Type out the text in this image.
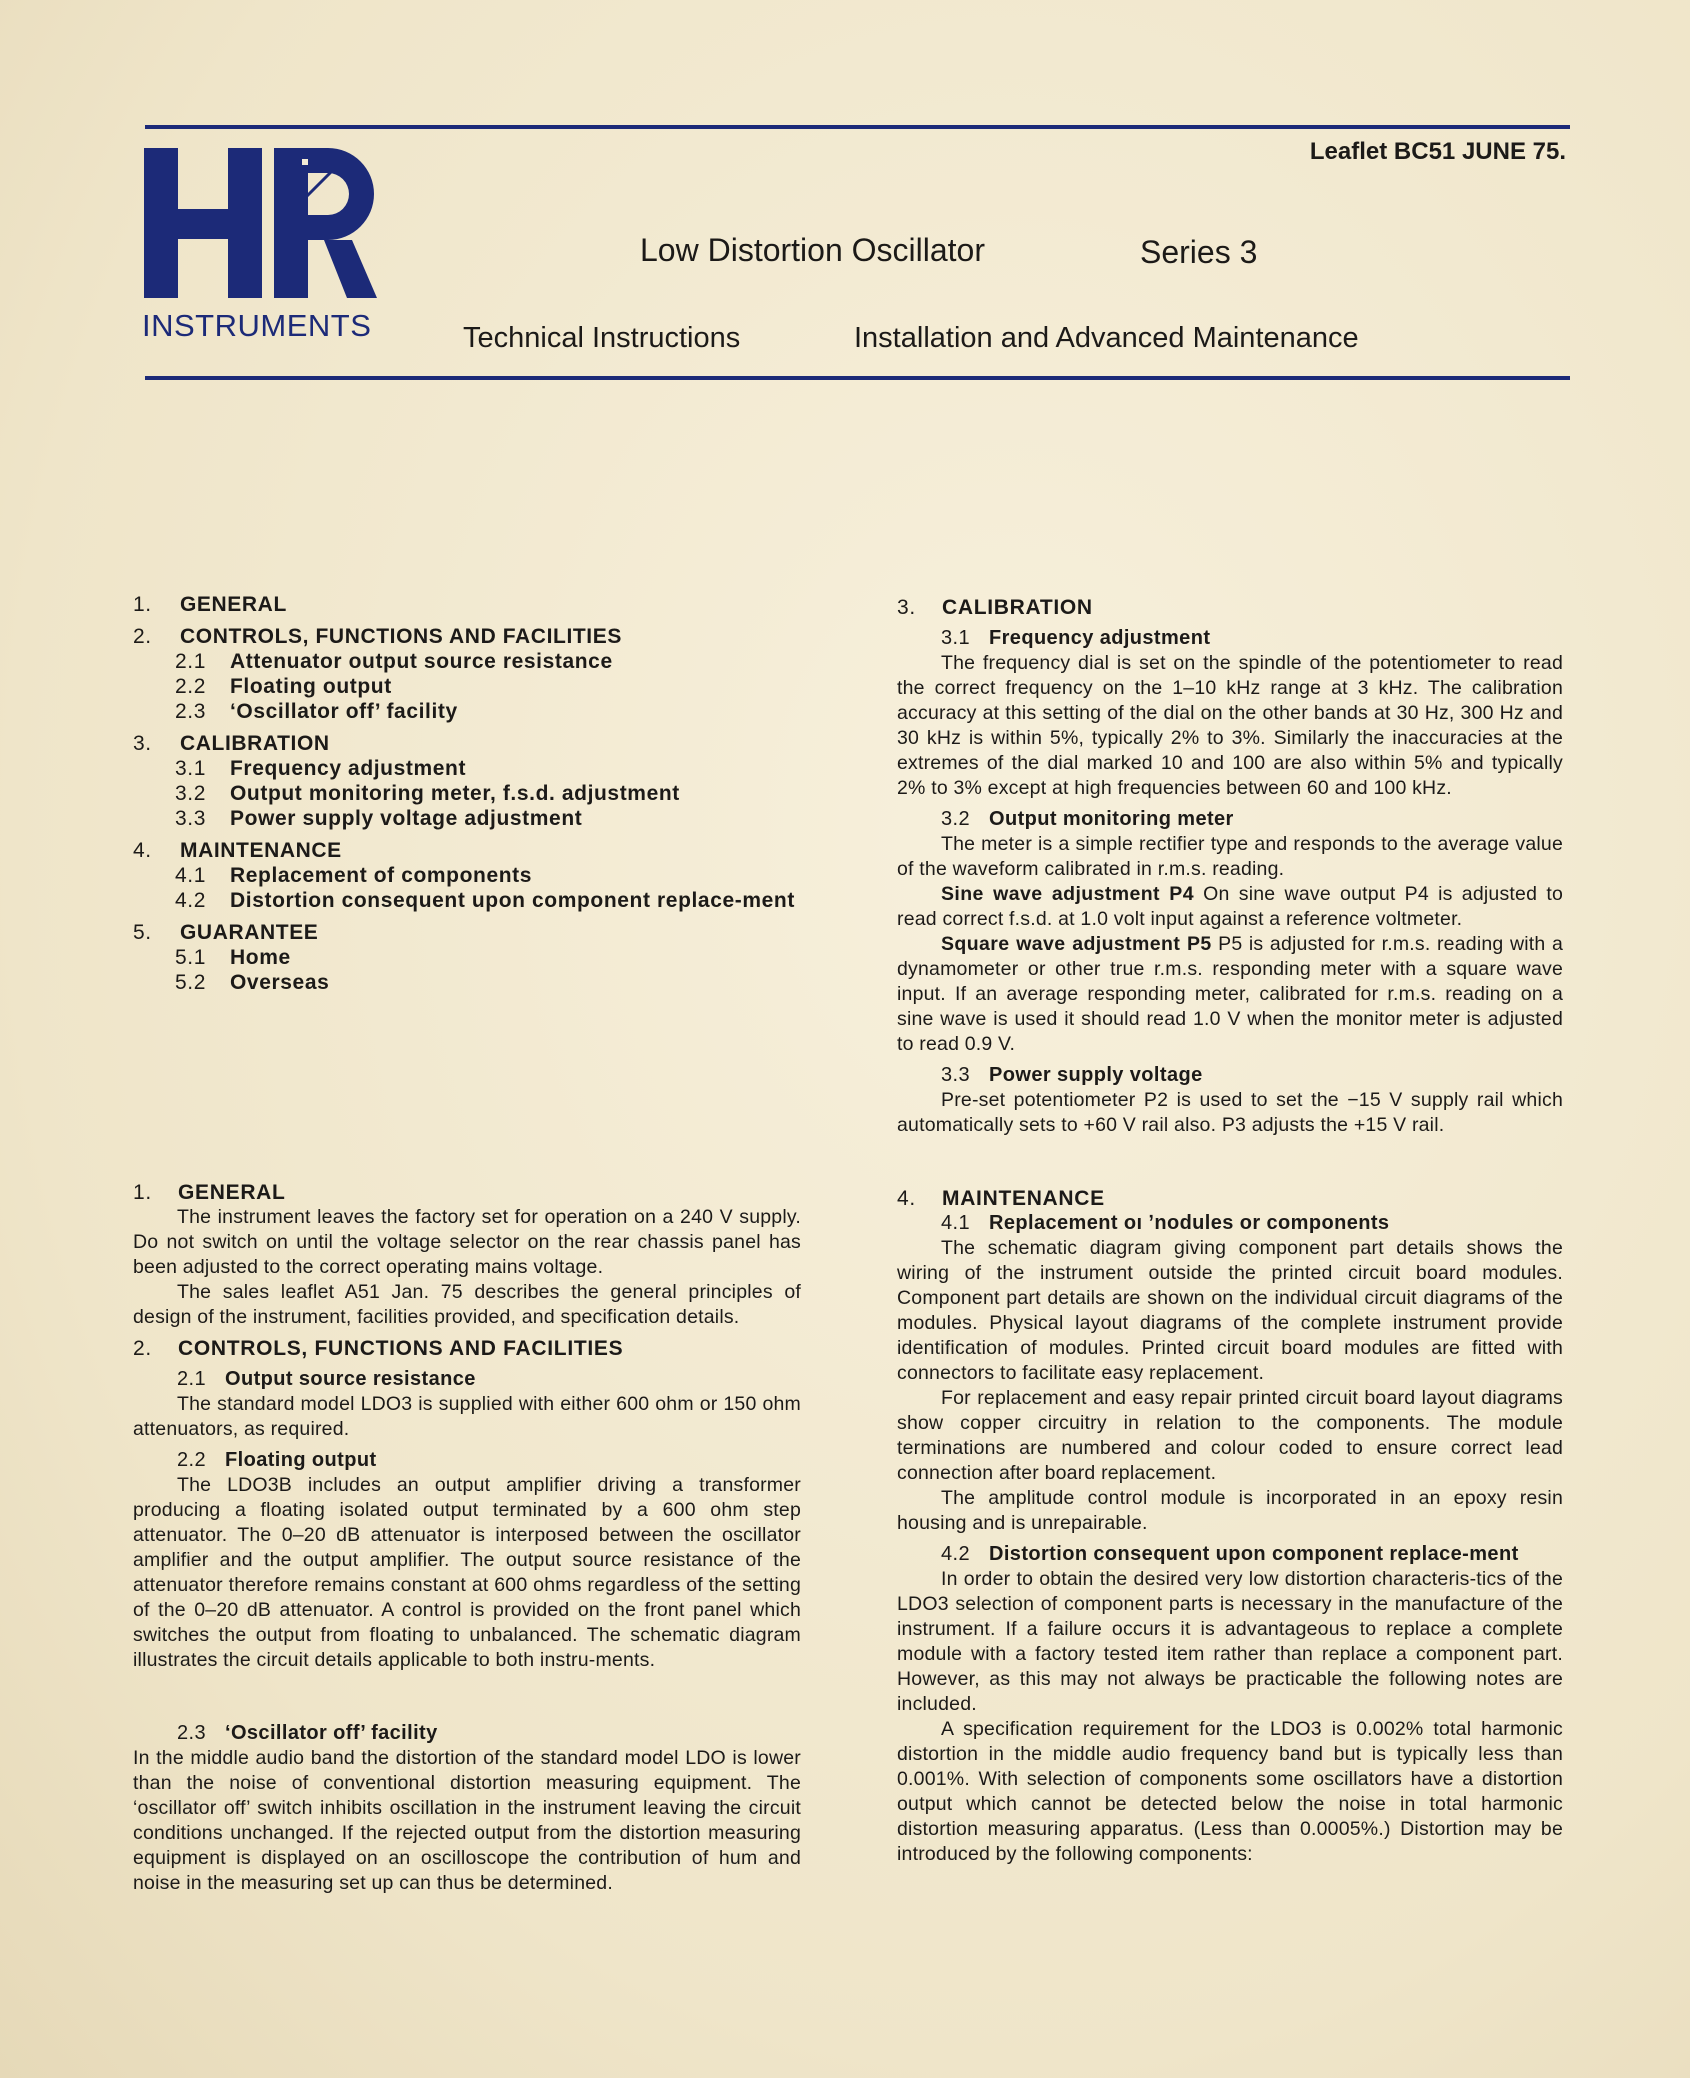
INSTRUMENTS
Leaflet BC51 JUNE 75.
Low Distortion Oscillator	Series 3
Technical Instructions	Installation and Advanced Maintenance
1.	GENERAL
2.	CONTROLS, FUNCTIONS AND FACILITIES
2.1	Attenuator output source resistance
2.2	Floating output
2.3	‘Oscillator off’ facility
3.	CALIBRATION
3.1	Frequency adjustment
3.2	Output monitoring meter, f.s.d. adjustment
3.3	Power supply voltage adjustment
4.	MAINTENANCE
4.1	Replacement of components
4.2	Distortion consequent upon component replace-ment
5.	GUARANTEE
5.1	Home
5.2	Overseas
1.	GENERAL

The instrument leaves the factory set for operation on a 240 V supply. Do not switch on until the voltage selector on the rear chassis panel has been adjusted to the correct operating mains voltage.

The sales leaflet A51 Jan. 75 describes the general principles of design of the instrument, facilities provided, and specification details.

2.	CONTROLS, FUNCTIONS AND FACILITIES
2.1 Output source resistance

The standard model LDO3 is supplied with either 600 ohm or 150 ohm attenuators, as required.

2.2 Floating output

The LDO3B includes an output amplifier driving a transformer producing a floating isolated output terminated by a 600 ohm step attenuator. The 0–20 dB attenuator is interposed between the oscillator amplifier and the output amplifier. The output source resistance of the attenuator therefore remains constant at 600 ohms regardless of the setting of the 0–20 dB attenuator. A control is provided on the front panel which switches the output from floating to unbalanced. The schematic diagram illustrates the circuit details applicable to both instru-ments.

2.3 ‘Oscillator off’ facility

In the middle audio band the distortion of the standard model LDO is lower than the noise of conventional distortion measuring equipment. The ‘oscillator off’ switch inhibits oscillation in the instrument leaving the circuit conditions unchanged. If the rejected output from the distortion measuring equipment is displayed on an oscilloscope the contribution of hum and noise in the measuring set up can thus be determined.

3.	CALIBRATION
3.1 Frequency adjustment

The frequency dial is set on the spindle of the potentiometer to read the correct frequency on the 1–10 kHz range at 3 kHz. The calibration accuracy at this setting of the dial on the other bands at 30 Hz, 300 Hz and 30 kHz is within 5%, typically 2% to 3%. Similarly the inaccuracies at the extremes of the dial marked 10 and 100 are also within 5% and typically 2% to 3% except at high frequencies between 60 and 100 kHz.

3.2 Output monitoring meter

The meter is a simple rectifier type and responds to the average value of the waveform calibrated in r.m.s. reading.

Sine wave adjustment P4 On sine wave output P4 is adjusted to read correct f.s.d. at 1.0 volt input against a reference voltmeter.

Square wave adjustment P5 P5 is adjusted for r.m.s. reading with a dynamometer or other true r.m.s. responding meter with a square wave input. If an average responding meter, calibrated for r.m.s. reading on a sine wave is used it should read 1.0 V when the monitor meter is adjusted to read 0.9 V.

3.3 Power supply voltage

Pre-set potentiometer P2 is used to set the −15 V supply rail which automatically sets to +60 V rail also. P3 adjusts the +15 V rail.

4.	MAINTENANCE
4.1 Replacement oı ʼnodules or components

The schematic diagram giving component part details shows the wiring of the instrument outside the printed circuit board modules. Component part details are shown on the individual circuit diagrams of the modules. Physical layout diagrams of the complete instrument provide identification of modules. Printed circuit board modules are fitted with connectors to facilitate easy replacement.

For replacement and easy repair printed circuit board layout diagrams show copper circuitry in relation to the components. The module terminations are numbered and colour coded to ensure correct lead connection after board replacement.

The amplitude control module is incorporated in an epoxy resin housing and is unrepairable.

4.2 Distortion consequent upon component replace-ment

In order to obtain the desired very low distortion characteris-tics of the LDO3 selection of component parts is necessary in the manufacture of the instrument. If a failure occurs it is advantageous to replace a complete module with a factory tested item rather than replace a component part. However, as this may not always be practicable the following notes are included.

A specification requirement for the LDO3 is 0.002% total harmonic distortion in the middle audio frequency band but is typically less than 0.001%. With selection of components some oscillators have a distortion output which cannot be detected below the noise in total harmonic distortion measuring apparatus. (Less than 0.0005%.) Distortion may be introduced by the following components:
